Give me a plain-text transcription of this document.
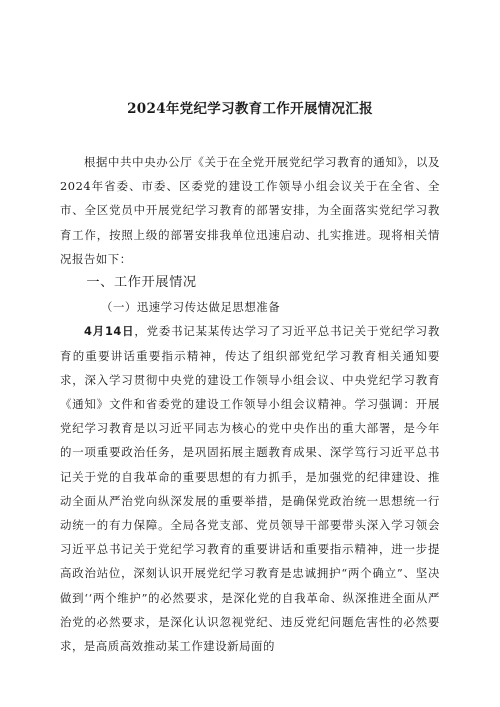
2024年党纪学习教育工作开展情况汇报

根据中共中央办公厅《关于在全党开展党纪学习教育的通知》，以及2024年省委、市委、区委党的建设工作领导小组会议关于在全省、全市、全区党员中开展党纪学习教育的部署安排，为全面落实党纪学习教育工作，按照上级的部署安排我单位迅速启动、扎实推进。现将相关情况报告如下：

一、工作开展情况

（一）迅速学习传达做足思想准备

4月14日，党委书记某某传达学习了习近平总书记关于党纪学习教育的重要讲话重要指示精神，传达了组织部党纪学习教育相关通知要求，深入学习贯彻中央党的建设工作领导小组会议、中央党纪学习教育《通知》文件和省委党的建设工作领导小组会议精神。学习强调：开展党纪学习教育是以习近平同志为核心的党中央作出的重大部署，是今年的一项重要政治任务，是巩固拓展主题教育成果、深学笃行习近平总书记关于党的自我革命的重要思想的有力抓手，是加强党的纪律建设、推动全面从严治党向纵深发展的重要举措，是确保党政治统一思想统一行动统一的有力保障。全局各党支部、党员领导干部要带头深入学习领会习近平总书记关于党纪学习教育的重要讲话和重要指示精神，进一步提高政治站位，深刻认识开展党纪学习教育是忠诚拥护“两个确立”、坚决做到‘‘两个维护”的必然要求，是深化党的自我革命、纵深推进全面从严治党的必然要求，是深化认识忽视党纪、违反党纪问题危害性的必然要求，是高质高效推动某工作建设新局面的
